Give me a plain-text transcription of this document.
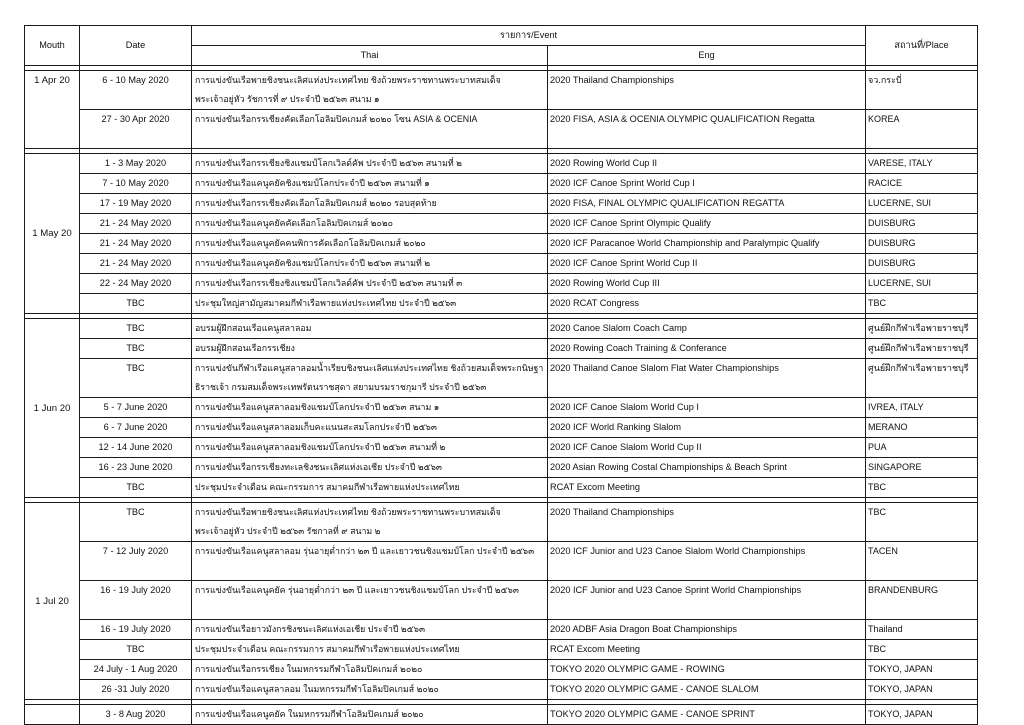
Mouth	Date	รายการ/Event		สถานที่/Place
		Thai	Eng	

1 Apr 20	6 - 10 May 2020	การแข่งขันเรือพายชิงชนะเลิศแห่งประเทศไทย ชิงถ้วยพระราชทานพระบาทสมเด็จพระเจ้าอยู่หัว รัชการที่ ๙ ประจำปี ๒๕๖๓ สนาม ๑	2020 Thailand Championships	จว.กระบี่
	27 - 30 Apr 2020	การแข่งขันเรือกรรเชียงคัดเลือกโอลิมปิคเกมส์ ๒๐๒๐ โซน ASIA & OCENIA	2020 FISA, ASIA & OCENIA OLYMPIC QUALIFICATION Regatta	KOREA

1 May 20	1 - 3 May 2020	การแข่งขันเรือกรรเชียงชิงแชมป์โลกเวิลด์คัพ ประจำปี ๒๕๖๓ สนามที่ ๒	2020 Rowing World Cup II	VARESE, ITALY
	7 - 10 May 2020	การแข่งขันเรือแคนูคยัคชิงแชมป์โลกประจำปี ๒๕๖๓ สนามที่ ๑	2020 ICF Canoe Sprint World Cup I	RACICE
	17 - 19 May 2020	การแข่งขันเรือกรรเชียงคัดเลือกโอลิมปิคเกมส์ ๒๐๒๐ รอบสุดท้าย	2020 FISA, FINAL OLYMPIC QUALIFICATION REGATTA	LUCERNE, SUI
	21 - 24 May 2020	การแข่งขันเรือแคนูคยัคคัดเลือกโอลิมปิคเกมส์ ๒๐๒๐	2020 ICF Canoe Sprint Olympic Qualify	DUISBURG
	21 - 24 May 2020	การแข่งขันเรือแคนูคยัคคนพิการคัดเลือกโอลิมปิคเกมส์ ๒๐๒๐	2020 ICF Paracanoe World Championship and Paralympic Qualify	DUISBURG
	21 - 24 May 2020	การแข่งขันเรือแคนูคยัคชิงแชมป์โลกประจำปี ๒๕๖๓ สนามที่ ๒	2020 ICF Canoe Sprint World Cup II	DUISBURG
	22 - 24 May 2020	การแข่งขันเรือกรรเชียงชิงแชมป์โลกเวิลด์คัพ ประจำปี ๒๕๖๓ สนามที่ ๓	2020 Rowing World Cup III	LUCERNE, SUI
	TBC	ประชุมใหญ่สามัญสมาคมกีฬาเรือพายแห่งประเทศไทย ประจำปี ๒๕๖๓	2020 RCAT Congress	TBC

1 Jun 20	TBC	อบรมผู้ฝึกสอนเรือแคนูสลาลอม	2020 Canoe Slalom Coach Camp	ศูนย์ฝึกกีฬาเรือพายราชบุรี
	TBC	อบรมผู้ฝึกสอนเรือกรรเชียง	2020 Rowing Coach Training & Conferance	ศูนย์ฝึกกีฬาเรือพายราชบุรี
	TBC	การแข่งขันกีฬาเรือแคนูสลาลอมน้ำเรียบชิงชนะเลิศแห่งประเทศไทย ชิงถ้วยสมเด็จพระกนิษฐาธิราชเจ้า กรมสมเด็จพระเทพรัตนราชสุดา สยามบรมราชกุมารี ประจำปี ๒๕๖๓	2020 Thailand Canoe Slalom Flat Water Championships	ศูนย์ฝึกกีฬาเรือพายราชบุรี
	5 - 7 June 2020	การแข่งขันเรือแคนูสลาลอมชิงแชมป์โลกประจำปี ๒๕๖๓ สนาม ๑	2020 ICF Canoe Slalom World Cup I	IVREA, ITALY
	6 - 7 June 2020	การแข่งขันเรือแคนูสลาลอมเก็บคะแนนสะสมโลกประจำปี ๒๕๖๓	2020 ICF World Ranking Slalom	MERANO
	12 - 14 June 2020	การแข่งขันเรือแคนูสลาลอมชิงแชมป์โลกประจำปี ๒๕๖๓ สนามที่ ๒	2020 ICF Canoe Slalom World Cup II	PUA
	16 - 23 June 2020	การแข่งขันเรือกรรเชียงทะเลชิงชนะเลิศแห่งเอเชีย ประจำปี ๒๕๖๓	2020 Asian Rowing Costal Championships & Beach Sprint	SINGAPORE
	TBC	ประชุมประจำเดือน คณะกรรมการ สมาคมกีฬาเรือพายแห่งประเทศไทย	RCAT Excom Meeting	TBC

1 Jul 20	TBC	การแข่งขันเรือพายชิงชนะเลิศแห่งประเทศไทย ชิงถ้วยพระราชทานพระบาทสมเด็จพระเจ้าอยู่หัว ประจำปี ๒๕๖๓ รัชกาลที่ ๙ สนาม ๒	2020 Thailand Championships	TBC
	7 - 12 July 2020	การแข่งขันเรือแคนูสลาลอม รุ่นอายุต่ำกว่า ๒๓ ปี และเยาวชนชิงแชมป์โลก ประจำปี ๒๕๖๓	2020 ICF Junior and U23 Canoe Slalom World Championships	TACEN
	16 - 19 July 2020	การแข่งขันเรือแคนูคยัค รุ่นอายุต่ำกว่า ๒๓ ปี และเยาวชนชิงแชมป์โลก ประจำปี ๒๕๖๓	2020 ICF Junior and U23 Canoe Sprint World Championships	BRANDENBURG
	16 - 19 July 2020	การแข่งขันเรือยาวมังกรชิงชนะเลิศแห่งเอเชีย ประจำปี ๒๕๖๓	2020 ADBF Asia Dragon Boat Championships	Thailand
	TBC	ประชุมประจำเดือน คณะกรรมการ สมาคมกีฬาเรือพายแห่งประเทศไทย	RCAT Excom Meeting	TBC
	24 July - 1 Aug 2020	การแข่งขันเรือกรรเชียง ในมหกรรมกีฬาโอลิมปิคเกมส์ ๒๐๒๐	TOKYO 2020 OLYMPIC GAME - ROWING	TOKYO, JAPAN
	26 -31 July 2020	การแข่งขันเรือแคนูสลาลอม ในมหกรรมกีฬาโอลิมปิคเกมส์ ๒๐๒๐	TOKYO 2020 OLYMPIC GAME - CANOE SLALOM	TOKYO, JAPAN

	3 - 8 Aug 2020	การแข่งขันเรือแคนูคยัค ในมหกรรมกีฬาโอลิมปิคเกมส์ ๒๐๒๐	TOKYO 2020 OLYMPIC GAME - CANOE SPRINT	TOKYO, JAPAN
